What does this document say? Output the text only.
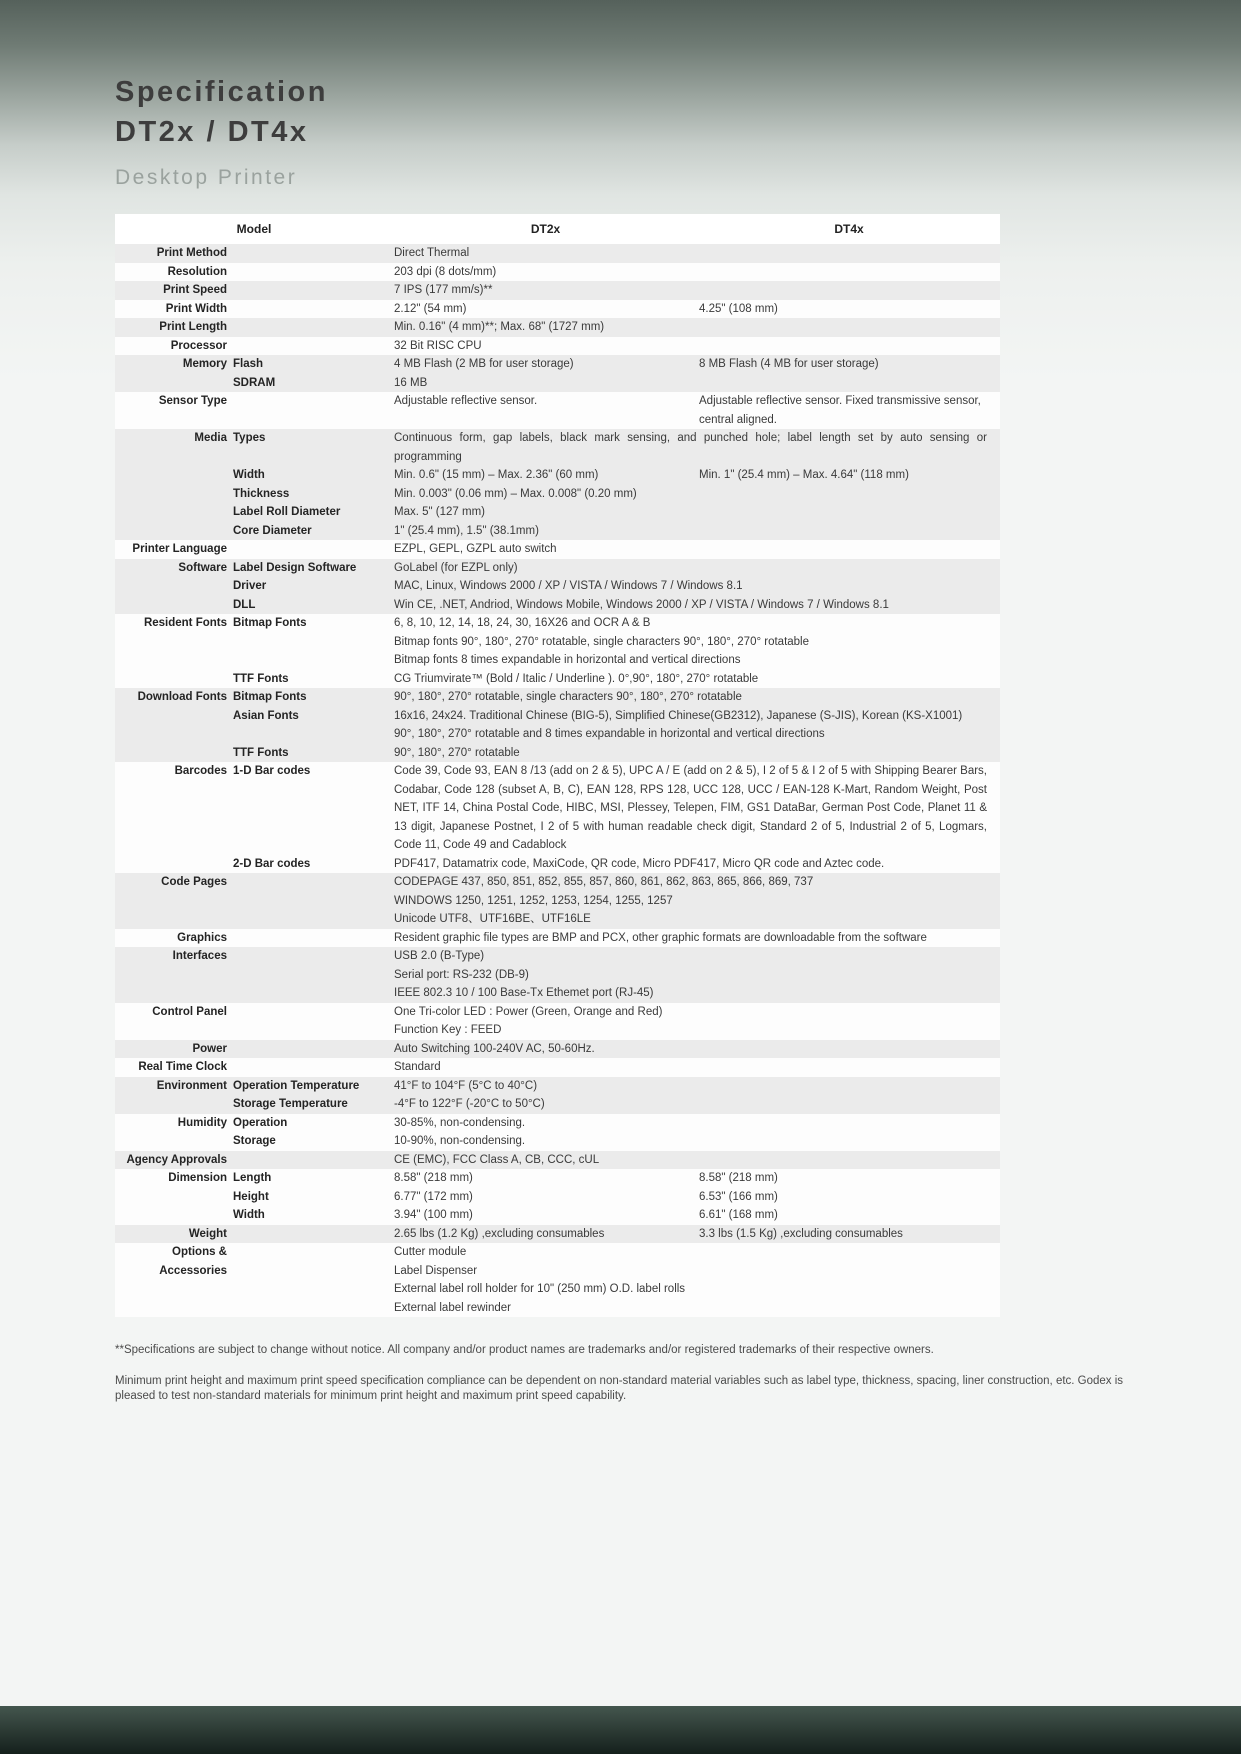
Specification
DT2x / DT4x
Desktop Printer
Model	DT2x	DT4x
Print Method	Direct Thermal
Resolution	203 dpi (8 dots/mm)
Print Speed	7 IPS (177 mm/s)**
Print Width	2.12" (54 mm)	4.25" (108 mm)
Print Length	Min. 0.16" (4 mm)**; Max. 68" (1727 mm)
Processor	32 Bit RISC CPU
Memory Flash	4 MB Flash (2 MB for user storage)	8 MB Flash (4 MB for user storage)
SDRAM	16 MB
Sensor Type	Adjustable reflective sensor.	Adjustable reflective sensor. Fixed transmissive sensor, central aligned.
Media Types	Continuous form, gap labels, black mark sensing, and punched hole; label length set by auto sensing or programming
Width	Min. 0.6" (15 mm) – Max. 2.36" (60 mm)	Min. 1" (25.4 mm) – Max. 4.64" (118 mm)
Thickness	Min. 0.003" (0.06 mm) – Max. 0.008" (0.20 mm)
Label Roll Diameter	Max. 5" (127 mm)
Core Diameter	1" (25.4 mm), 1.5" (38.1mm)
Printer Language	EZPL, GEPL, GZPL auto switch
Software Label Design Software	GoLabel (for EZPL only)
Driver	MAC, Linux, Windows 2000 / XP / VISTA / Windows 7 / Windows 8.1
DLL	Win CE, .NET, Andriod, Windows Mobile, Windows 2000 / XP / VISTA / Windows 7 / Windows 8.1
Resident Fonts Bitmap Fonts	6, 8, 10, 12, 14, 18, 24, 30, 16X26 and OCR A & B
Bitmap fonts 90°, 180°, 270° rotatable, single characters 90°, 180°, 270° rotatable
Bitmap fonts 8 times expandable in horizontal and vertical directions
TTF Fonts	CG Triumvirate™ (Bold / Italic / Underline ). 0°,90°, 180°, 270° rotatable
Download Fonts Bitmap Fonts	90°, 180°, 270° rotatable, single characters 90°, 180°, 270° rotatable
Asian Fonts	16x16, 24x24. Traditional Chinese (BIG-5), Simplified Chinese(GB2312), Japanese (S-JIS), Korean (KS-X1001)
90°, 180°, 270° rotatable and 8 times expandable in horizontal and vertical directions
TTF Fonts	90°, 180°, 270° rotatable
Barcodes 1-D Bar codes	Code 39, Code 93, EAN 8 /13 (add on 2 & 5), UPC A / E (add on 2 & 5), I 2 of 5 & I 2 of 5 with Shipping Bearer Bars, Codabar, Code 128 (subset A, B, C), EAN 128, RPS 128, UCC 128, UCC / EAN-128 K-Mart, Random Weight, Post NET, ITF 14, China Postal Code, HIBC, MSI, Plessey, Telepen, FIM, GS1 DataBar, German Post Code, Planet 11 & 13 digit, Japanese Postnet, I 2 of 5 with human readable check digit, Standard 2 of 5, Industrial 2 of 5, Logmars, Code 11, Code 49 and Cadablock
2-D Bar codes	PDF417, Datamatrix code, MaxiCode, QR code, Micro PDF417, Micro QR code and Aztec code.
Code Pages	CODEPAGE 437, 850, 851, 852, 855, 857, 860, 861, 862, 863, 865, 866, 869, 737
WINDOWS 1250, 1251, 1252, 1253, 1254, 1255, 1257
Unicode UTF8、UTF16BE、UTF16LE
Graphics	Resident graphic file types are BMP and PCX, other graphic formats are downloadable from the software
Interfaces	USB 2.0 (B-Type)
Serial port: RS-232 (DB-9)
IEEE 802.3 10 / 100 Base-Tx Ethemet port (RJ-45)
Control Panel	One Tri-color LED : Power (Green, Orange and Red)
Function Key : FEED
Power	Auto Switching 100-240V AC, 50-60Hz.
Real Time Clock	Standard
Environment Operation Temperature	41°F to 104°F (5°C to 40°C)
Storage Temperature	-4°F to 122°F (-20°C to 50°C)
Humidity Operation	30-85%, non-condensing.
Storage	10-90%, non-condensing.
Agency Approvals	CE (EMC), FCC Class A, CB, CCC, cUL
Dimension Length	8.58" (218 mm)	8.58" (218 mm)
Height	6.77" (172 mm)	6.53" (166 mm)
Width	3.94" (100 mm)	6.61" (168 mm)
Weight	2.65 lbs (1.2 Kg) ,excluding consumables	3.3 lbs (1.5 Kg) ,excluding consumables
Options &	Cutter module
Accessories	Label Dispenser
External label roll holder for 10" (250 mm) O.D. label rolls
External label rewinder

**Specifications are subject to change without notice. All company and/or product names are trademarks and/or registered trademarks of their respective owners.

Minimum print height and maximum print speed specification compliance can be dependent on non-standard material variables such as label type, thickness, spacing, liner construction, etc. Godex is pleased to test non-standard materials for minimum print height and maximum print speed capability.
